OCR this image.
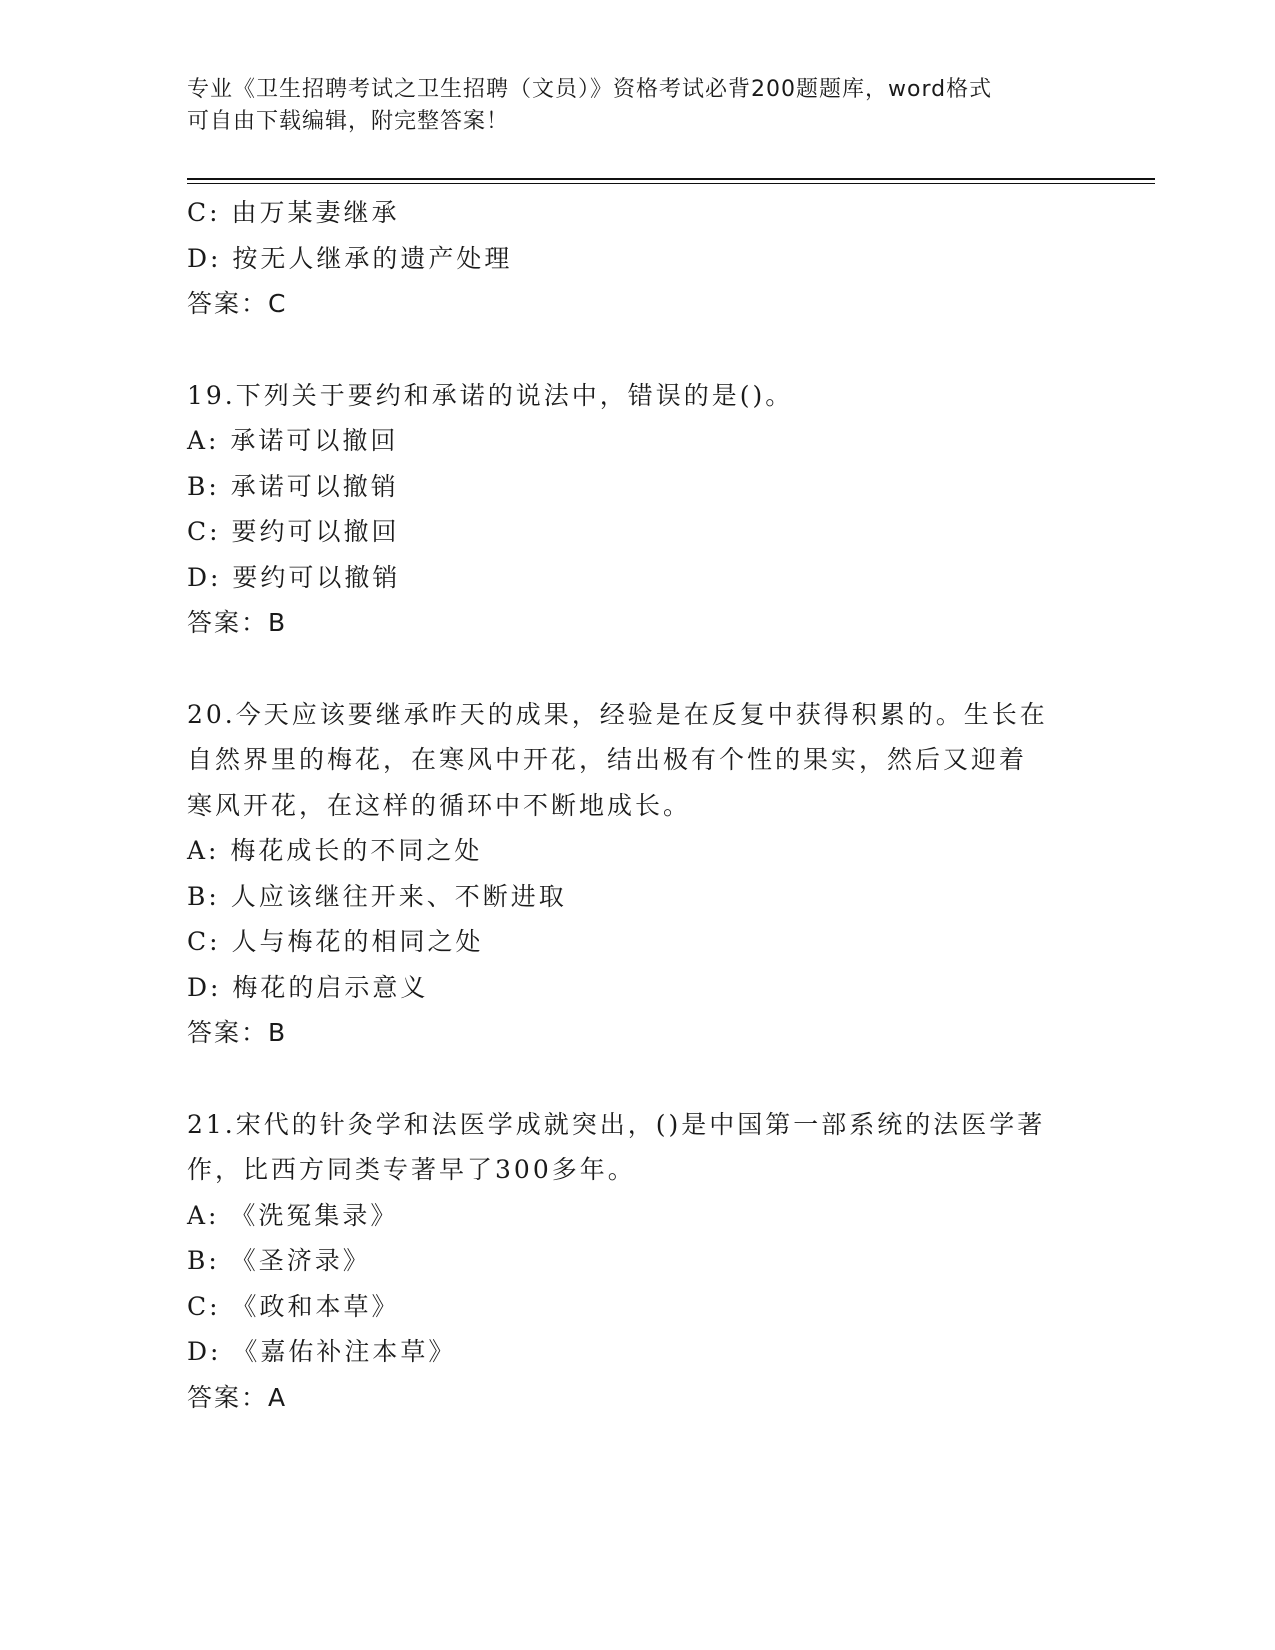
专业《卫生招聘考试之卫生招聘（文员）》资格考试必背200题题库，word格式
可自由下载编辑，附完整答案！
C: 由万某妻继承
D: 按无人继承的遗产处理
答案：C
19.下列关于要约和承诺的说法中，错误的是()。
A: 承诺可以撤回
B: 承诺可以撤销
C: 要约可以撤回
D: 要约可以撤销
答案：B
20.今天应该要继承昨天的成果，经验是在反复中获得积累的。生长在
自然界里的梅花，在寒风中开花，结出极有个性的果实，然后又迎着
寒风开花，在这样的循环中不断地成长。
A: 梅花成长的不同之处
B: 人应该继往开来、不断进取
C: 人与梅花的相同之处
D: 梅花的启示意义
答案：B
21.宋代的针灸学和法医学成就突出，()是中国第一部系统的法医学著
作，比西方同类专著早了300多年。
A: 《洗冤集录》
B: 《圣济录》
C: 《政和本草》
D: 《嘉佑补注本草》
答案：A
